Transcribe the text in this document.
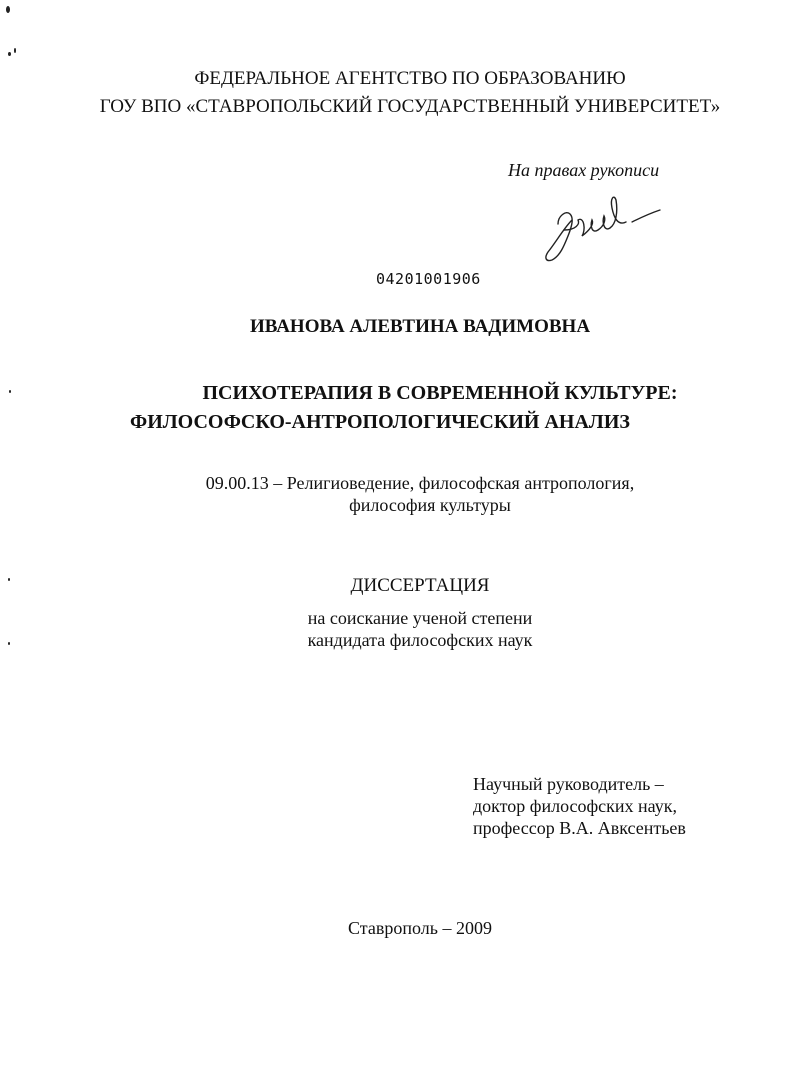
ФЕДЕРАЛЬНОЕ АГЕНТСТВО ПО ОБРАЗОВАНИЮ
ГОУ ВПО «СТАВРОПОЛЬСКИЙ ГОСУДАРСТВЕННЫЙ УНИВЕРСИТЕТ»
На правах рукописи
04201001906
ИВАНОВА АЛЕВТИНА ВАДИМОВНА
ПСИХОТЕРАПИЯ В СОВРЕМЕННОЙ КУЛЬТУРЕ:
ФИЛОСОФСКО-АНТРОПОЛОГИЧЕСКИЙ АНАЛИЗ
09.00.13 – Религиоведение, философская антропология,
философия культуры
ДИССЕРТАЦИЯ
на соискание ученой степени
кандидата философских наук
Научный руководитель –
доктор философских наук,
профессор В.А. Авксентьев
Ставрополь – 2009
